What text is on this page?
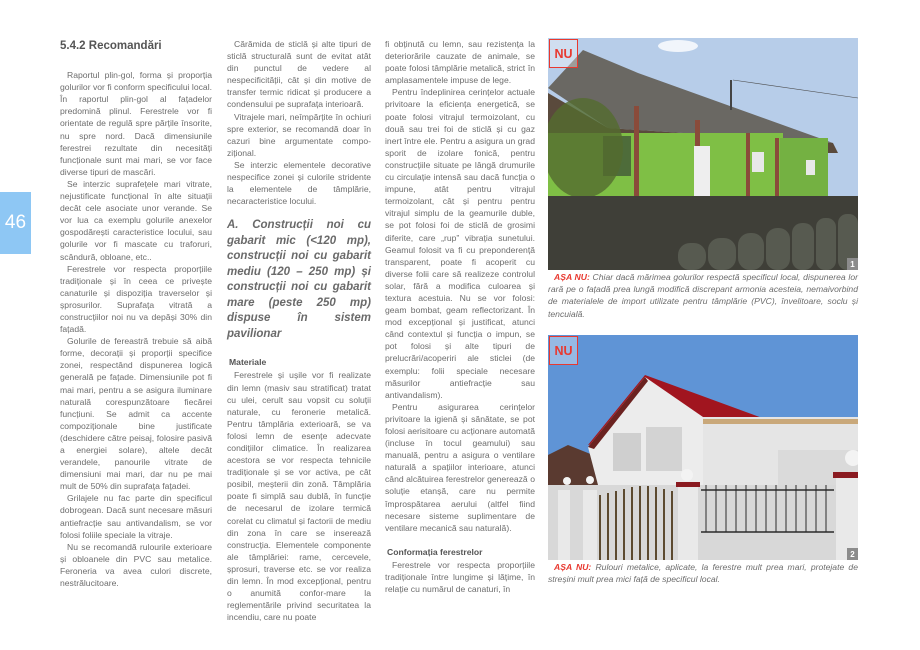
46
5.4.2 Recomandări

Raportul plin-gol, forma și proporția golurilor vor fi conform specificului local. În raportul plin-gol al fațadelor predomină plinul. Ferestrele vor fi orientate de regulă spre părțile însorite, nu spre nord. Dacă dimensiunile ferestrei rezultate din necesități funcționale sunt mai mari, se vor face diverse tipuri de mascări.

Se interzic suprafețele mari vitrate, nejustificate funcțional în alte situații decât cele asociate unor verande. Se vor lua ca exemplu golurile anexelor gospodărești caracteristice locului, sau golurile vor fi mascate cu traforuri, scândură, obloane, etc..

Ferestrele vor respecta proporțiile tradiționale și în ceea ce privește canaturile și dispoziția traverselor și șprosurilor. Suprafața vitrată a construcțiilor noi nu va depăși 30% din fațadă.

Golurile de fereastră trebuie să aibă forme, decorații și proporții specifice zonei, respectând dispunerea logică generală pe fațade. Dimensiunile pot fi mai mari, pentru a se asigura iluminare naturală corespunzătoare fiecărei funcțiuni. Se admit ca accente compoziționale bine justificate (deschidere către peisaj, folosire pasivă a energiei solare), altele decât verandele, panourile vitrate de dimensiuni mai mari, dar nu pe mai mult de 50% din suprafața fațadei.

Grilajele nu fac parte din specificul dobrogean. Dacă sunt necesare măsuri antiefracție sau antivandalism, se vor folosi foliile speciale la vitraje.

Nu se recomandă rulourile exterioare și obloanele din PVC sau metalice. Feroneria va avea culori discrete, nestrălucitoare.

Cărămida de sticlă și alte tipuri de sticlă structurală sunt de evitat atât din punctul de vedere al nespecificității, cât și din motive de transfer termic ridicat și producere a condensului pe suprafața interioară.

Vitrajele mari, neîmpărțite în ochiuri spre exterior, se recomandă doar în cazuri bine argumentate compo-zițional.

Se interzic elementele decorative nespecifice zonei și culorile stridente la elementele de tâmplărie, necaracteristice locului.

A. Construcții noi cu gabarit mic (<120 mp), construcții noi cu gabarit mediu (120 – 250 mp) și construcții noi cu gabarit mare (peste 250 mp) dispuse în sistem pavilionar
Materiale

Ferestrele și ușile vor fi realizate din lemn (masiv sau stratificat) tratat cu ulei, cerult sau vopsit cu soluții naturale, cu feronerie metalică. Pentru tâmplăria exterioară, se va folosi lemn de esențe adecvate condițiilor climatice. În realizarea acestora se vor respecta tehnicile tradiționale și se vor activa, pe cât posibil, meșterii din zonă. Tâmplăria poate fi simplă sau dublă, în funcție de necesarul de izolare termică corelat cu climatul și factorii de mediu din zona în care se inserează construcția. Elementele componente ale tâmplăriei: rame, cercevele, șprosuri, traverse etc. se vor realiza din lemn. În mod excepțional, pentru o anumită confor-mare la reglementările privind securitatea la incendiu, care nu poate

fi obținută cu lemn, sau rezistența la deteriorările cauzate de animale, se poate folosi tâmplărie metalică, strict în amplasamentele impuse de lege.

Pentru îndeplinirea cerințelor actuale privitoare la eficiența energetică, se poate folosi vitrajul termoizolant, cu două sau trei foi de sticlă și cu gaz inert între ele. Pentru a asigura un grad sporit de izolare fonică, pentru construcțiile situate pe lângă drumurile cu circulație intensă sau dacă funcția o impune, atât pentru vitrajul termoizolant, cât și pentru pentru vitrajul simplu de la geamurile duble, se pot folosi foi de sticlă de grosimi diferite, care „rup” vibrația sunetului. Geamul folosit va fi cu preponderență transparent, poate fi acoperit cu diverse folii care să realizeze controlul solar, fără a modifica culoarea și textura acestuia. Nu se vor folosi: geam bombat, geam reflectorizant. În mod excepțional și justificat, atunci când contextul și funcția o impun, se pot folosi și alte tipuri de prelucrări/acoperiri ale sticlei (de exemplu: folii speciale necesare măsurilor antiefracție sau antivandalism).

Pentru asigurarea cerințelor privitoare la igienă și sănătate, se pot folosi aerisitoare cu acționare automată (incluse în tocul geamului) sau manuală, pentru a asigura o ventilare naturală a spațiilor interioare, atunci când alcătuirea ferestrelor generează o soluție etanșă, care nu permite împrospătarea aerului (altfel fiind necesare sisteme suplimentare de ventilare mecanică sau naturală).

Conformația ferestrelor

Ferestrele vor respecta proporțiile tradiționale între lungime și lățime, în relație cu numărul de canaturi, în

NU
1
AȘA NU: Chiar dacă mărimea golurilor respectă specificul local, dispunerea lor rară pe o fațadă prea lungă modifică discrepant armonia acesteia, nemaivorbind de materialele de import utilizate pentru tâmplărie (PVC), învelitoare, soclu și tencuială.
NU
2
AȘA NU: Rulouri metalice, aplicate, la ferestre mult prea mari, protejate de streșini mult prea mici față de specificul local.
